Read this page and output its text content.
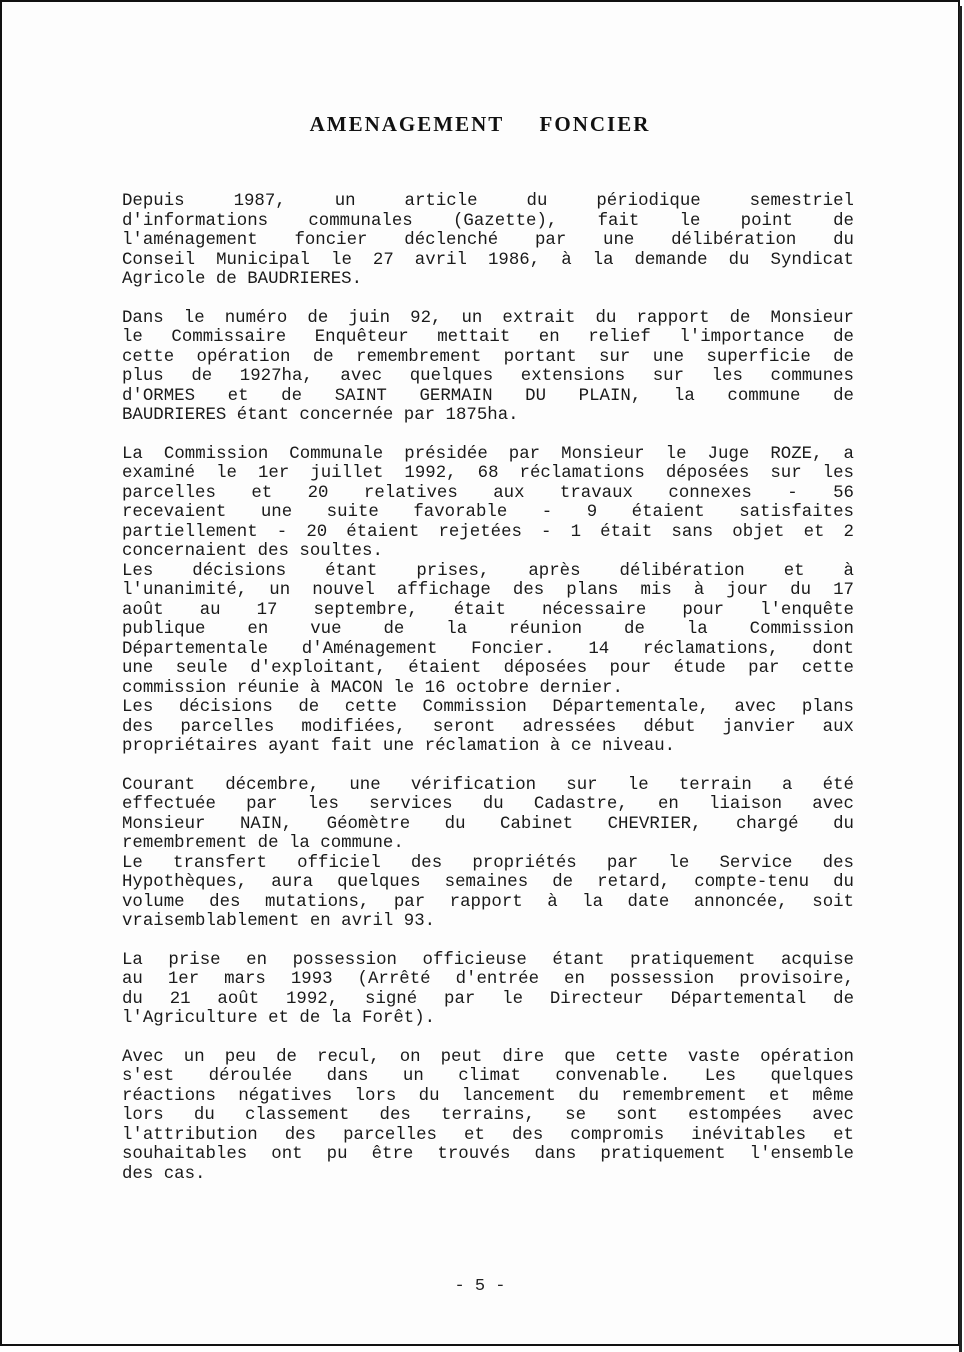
AMENAGEMENT FONCIER
Depuis 1987, un article du périodique semestriel
d'informations communales (Gazette), fait le point de
l'aménagement foncier déclenché par une délibération du
Conseil Municipal le 27 avril 1986, à la demande du Syndicat
Agricole de BAUDRIERES.
Dans le numéro de juin 92, un extrait du rapport de Monsieur
le Commissaire Enquêteur mettait en relief l'importance de
cette opération de remembrement portant sur une superficie de
plus de 1927ha, avec quelques extensions sur les communes
d'ORMES et de SAINT GERMAIN DU PLAIN, la commune de
BAUDRIERES étant concernée par 1875ha.
La Commission Communale présidée par Monsieur le Juge ROZE, a
examiné le 1er juillet 1992, 68 réclamations déposées sur les
parcelles et 20 relatives aux travaux connexes - 56
recevaient une suite favorable - 9 étaient satisfaites
partiellement - 20 étaient rejetées - 1 était sans objet et 2
concernaient des soultes.
Les décisions étant prises, après délibération et à
l'unanimité, un nouvel affichage des plans mis à jour du 17
août au 17 septembre, était nécessaire pour l'enquête
publique en vue de la réunion de la Commission
Départementale d'Aménagement Foncier. 14 réclamations, dont
une seule d'exploitant, étaient déposées pour étude par cette
commission réunie à MACON le 16 octobre dernier.
Les décisions de cette Commission Départementale, avec plans
des parcelles modifiées, seront adressées début janvier aux
propriétaires ayant fait une réclamation à ce niveau.
Courant décembre, une vérification sur le terrain a été
effectuée par les services du Cadastre, en liaison avec
Monsieur NAIN, Géomètre du Cabinet CHEVRIER, chargé du
remembrement de la commune.
Le transfert officiel des propriétés par le Service des
Hypothèques, aura quelques semaines de retard, compte-tenu du
volume des mutations, par rapport à la date annoncée, soit
vraisemblablement en avril 93.
La prise en possession officieuse étant pratiquement acquise
au 1er mars 1993 (Arrêté d'entrée en possession provisoire,
du 21 août 1992, signé par le Directeur Départemental de
l'Agriculture et de la Forêt).
Avec un peu de recul, on peut dire que cette vaste opération
s'est déroulée dans un climat convenable. Les quelques
réactions négatives lors du lancement du remembrement et même
lors du classement des terrains, se sont estompées avec
l'attribution des parcelles et des compromis inévitables et
souhaitables ont pu être trouvés dans pratiquement l'ensemble
des cas.
- 5 -
